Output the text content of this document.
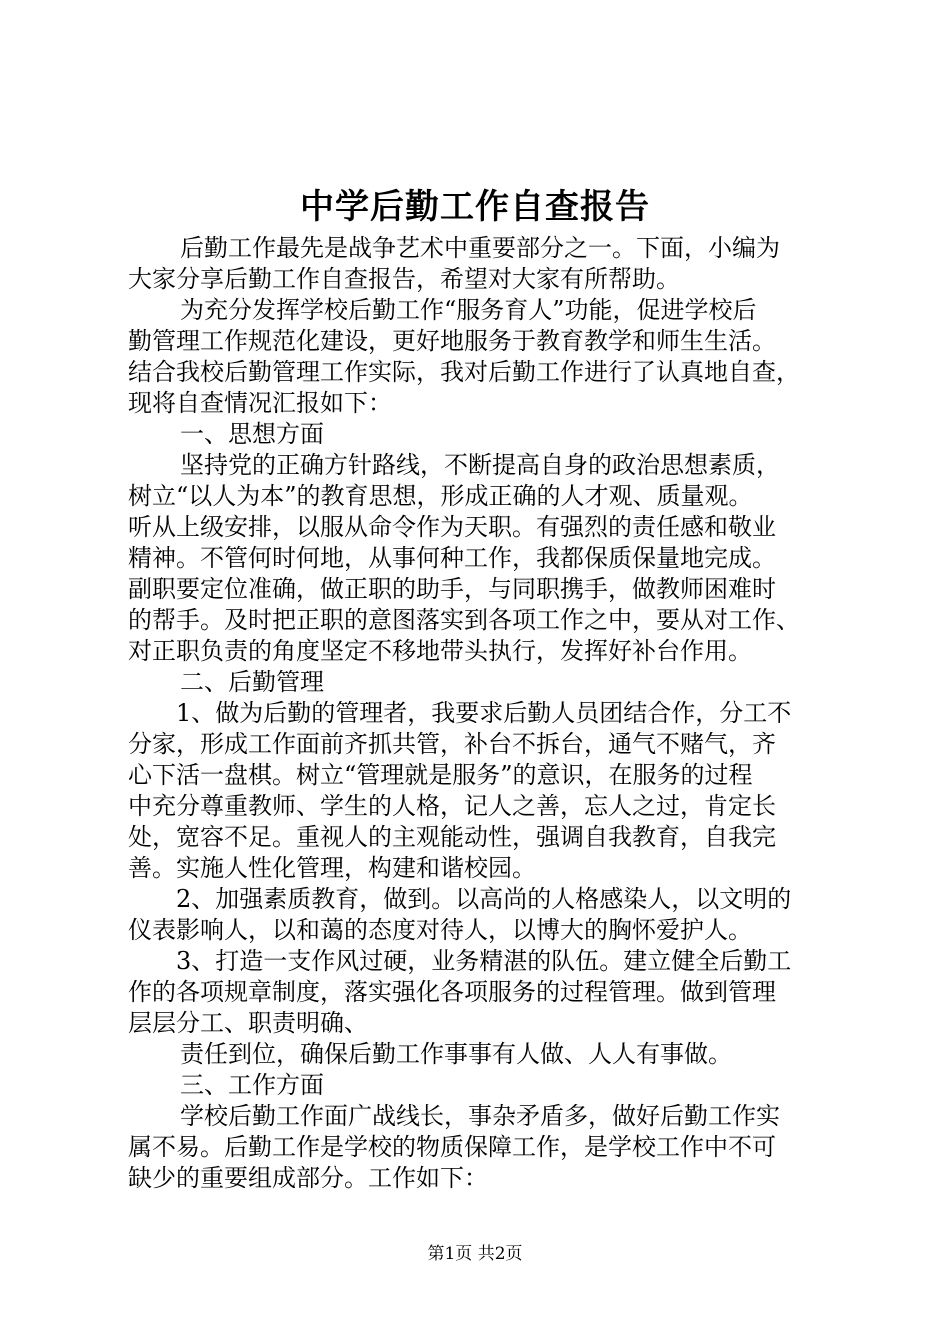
中学后勤工作自查报告
后勤工作最先是战争艺术中重要部分之一。下面，小编为
大家分享后勤工作自查报告，希望对大家有所帮助。
为充分发挥学校后勤工作“服务育人”功能，促进学校后
勤管理工作规范化建设，更好地服务于教育教学和师生生活。
结合我校后勤管理工作实际，我对后勤工作进行了认真地自查，
现将自查情况汇报如下：
一、思想方面
坚持党的正确方针路线，不断提高自身的政治思想素质，
树立“以人为本”的教育思想，形成正确的人才观、质量观。
听从上级安排，以服从命令作为天职。有强烈的责任感和敬业
精神。不管何时何地，从事何种工作，我都保质保量地完成。
副职要定位准确，做正职的助手，与同职携手，做教师困难时
的帮手。及时把正职的意图落实到各项工作之中，要从对工作、
对正职负责的角度坚定不移地带头执行，发挥好补台作用。
二、后勤管理
1、做为后勤的管理者，我要求后勤人员团结合作，分工不
分家，形成工作面前齐抓共管，补台不拆台，通气不赌气，齐
心下活一盘棋。树立“管理就是服务”的意识，在服务的过程
中充分尊重教师、学生的人格，记人之善，忘人之过，肯定长
处，宽容不足。重视人的主观能动性，强调自我教育，自我完
善。实施人性化管理，构建和谐校园。
2、加强素质教育，做到。以高尚的人格感染人，以文明的
仪表影响人，以和蔼的态度对待人，以博大的胸怀爱护人。
3、打造一支作风过硬，业务精湛的队伍。建立健全后勤工
作的各项规章制度，落实强化各项服务的过程管理。做到管理
层层分工、职责明确、
责任到位，确保后勤工作事事有人做、人人有事做。
三、工作方面
学校后勤工作面广战线长，事杂矛盾多，做好后勤工作实
属不易。后勤工作是学校的物质保障工作，是学校工作中不可
缺少的重要组成部分。工作如下：
第1页 共2页
